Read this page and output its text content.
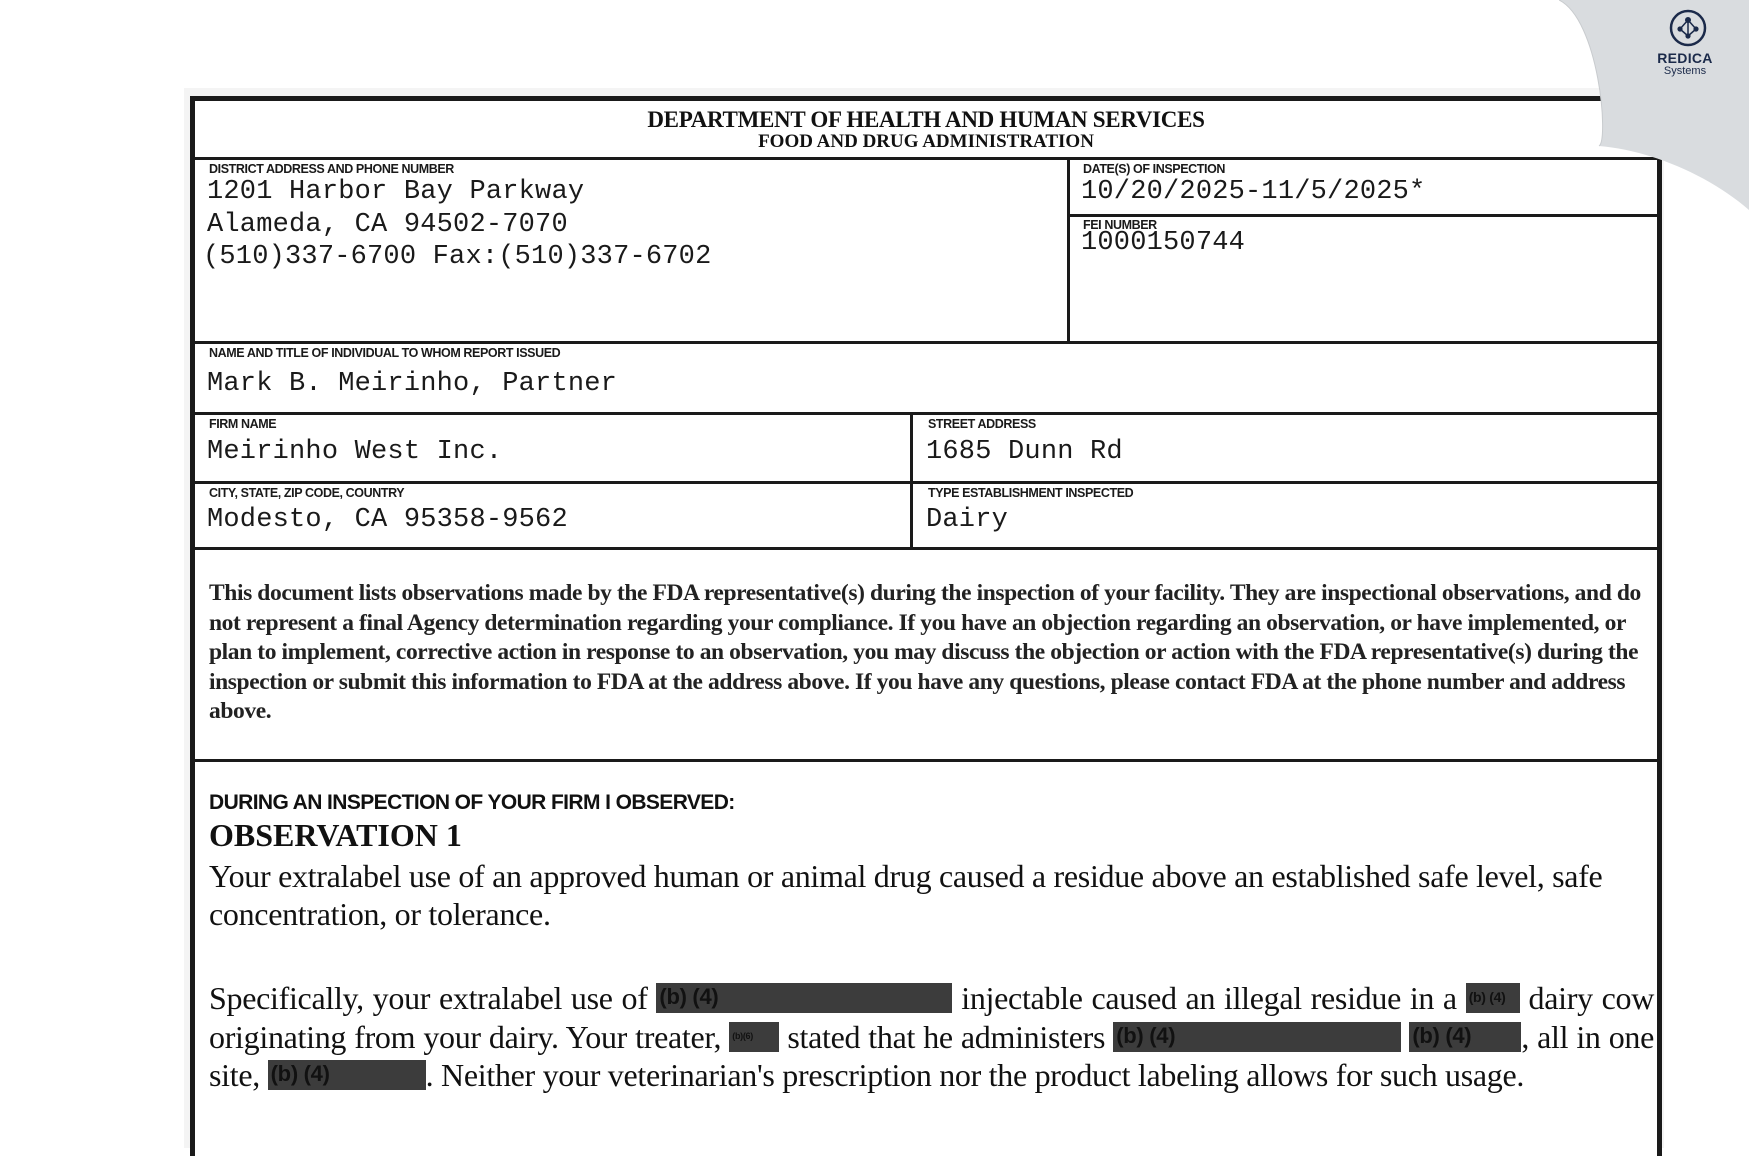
DEPARTMENT OF HEALTH AND HUMAN SERVICES
FOOD AND DRUG ADMINISTRATION
DISTRICT ADDRESS AND PHONE NUMBER
1201 Harbor Bay Parkway
Alameda, CA 94502-7070
(510)337-6700 Fax:(510)337-6702
DATE(S) OF INSPECTION
10/20/2025-11/5/2025*
FEI NUMBER
1000150744
NAME AND TITLE OF INDIVIDUAL TO WHOM REPORT ISSUED
Mark B. Meirinho, Partner
FIRM NAME
Meirinho West Inc.
STREET ADDRESS
1685 Dunn Rd
CITY, STATE, ZIP CODE, COUNTRY
Modesto, CA 95358-9562
TYPE ESTABLISHMENT INSPECTED
Dairy
This document lists observations made by the FDA representative(s) during the inspection of your facility. They are inspectional observations, and do not represent a final Agency determination regarding your compliance. If you have an objection regarding an observation, or have implemented, or plan to implement, corrective action in response to an observation, you may discuss the objection or action with the FDA representative(s) during the inspection or submit this information to FDA at the address above. If you have any questions, please contact FDA at the phone number and address above.
DURING AN INSPECTION OF YOUR FIRM I OBSERVED:
OBSERVATION 1
Your extralabel use of an approved human or animal drug caused a residue above an established safe level, safe concentration, or tolerance.
Specifically, your extralabel use of (b) (4)	injectable caused an illegal residue in a (b) (4) dairy cow originating from your dairy. Your treater, (b)(6) stated that he administers (b) (4)	(b) (4) , all in one site, (b) (4)	. Neither your veterinarian's prescription nor the product labeling allows for such usage.
REDICA
Systems
